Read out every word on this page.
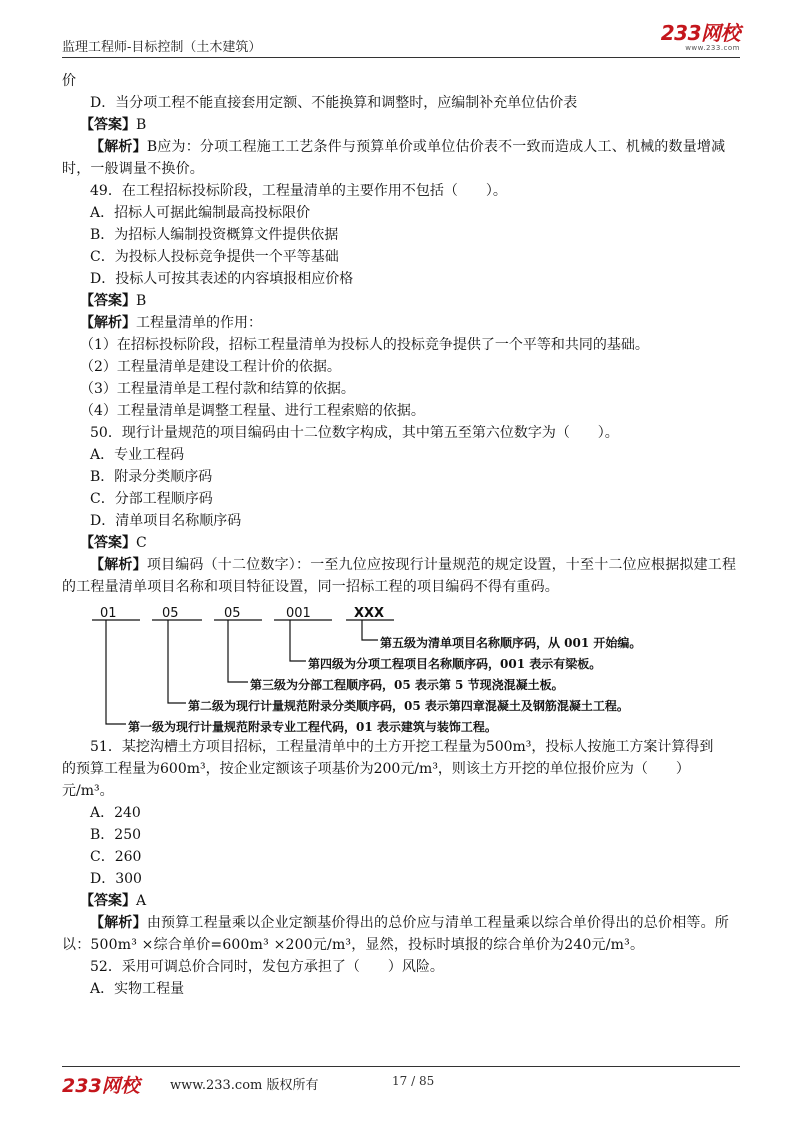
监理工程师-目标控制（土木建筑）
233网校
www.233.com
价
D．当分项工程不能直接套用定额、不能换算和调整时，应编制补充单位估价表
【答案】B
【解析】B应为：分项工程施工工艺条件与预算单价或单位估价表不一致而造成人工、机械的数量增减时，一般调量不换价。
49．在工程招标投标阶段，工程量清单的主要作用不包括（　　）。
A．招标人可据此编制最高投标限价
B．为招标人编制投资概算文件提供依据
C．为投标人投标竞争提供一个平等基础
D．投标人可按其表述的内容填报相应价格
【答案】B
【解析】工程量清单的作用：
（1）在招标投标阶段，招标工程量清单为投标人的投标竞争提供了一个平等和共同的基础。
（2）工程量清单是建设工程计价的依据。
（3）工程量清单是工程付款和结算的依据。
（4）工程量清单是调整工程量、进行工程索赔的依据。
50．现行计量规范的项目编码由十二位数字构成，其中第五至第六位数字为（　　）。
A．专业工程码
B．附录分类顺序码
C．分部工程顺序码
D．清单项目名称顺序码
【答案】C
【解析】项目编码（十二位数字）：一至九位应按现行计量规范的规定设置，十至十二位应根据拟建工程的工程量清单项目名称和项目特征设置，同一招标工程的项目编码不得有重码。
01	05	05	001	XXX
第五级为清单项目名称顺序码，从 001 开始编。
第四级为分项工程项目名称顺序码，001 表示有梁板。
第三级为分部工程顺序码，05 表示第 5 节现浇混凝土板。
第二级为现行计量规范附录分类顺序码，05 表示第四章混凝土及钢筋混凝土工程。
第一级为现行计量规范附录专业工程代码，01 表示建筑与装饰工程。
51．某挖沟槽土方项目招标，工程量清单中的土方开挖工程量为500m³，投标人按施工方案计算得到
的预算工程量为600m³，按企业定额该子项基价为200元/m³，则该土方开挖的单位报价应为（　　）
元/m³。
A．240
B．250
C．260
D．300
【答案】A
【解析】由预算工程量乘以企业定额基价得出的总价应与清单工程量乘以综合单价得出的总价相等。所以：500m³ ×综合单价=600m³ ×200元/m³，显然，投标时填报的综合单价为240元/m³。
52．采用可调总价合同时，发包方承担了（　　）风险。
A．实物工程量
233网校 www.233.com 版权所有	17 / 85
